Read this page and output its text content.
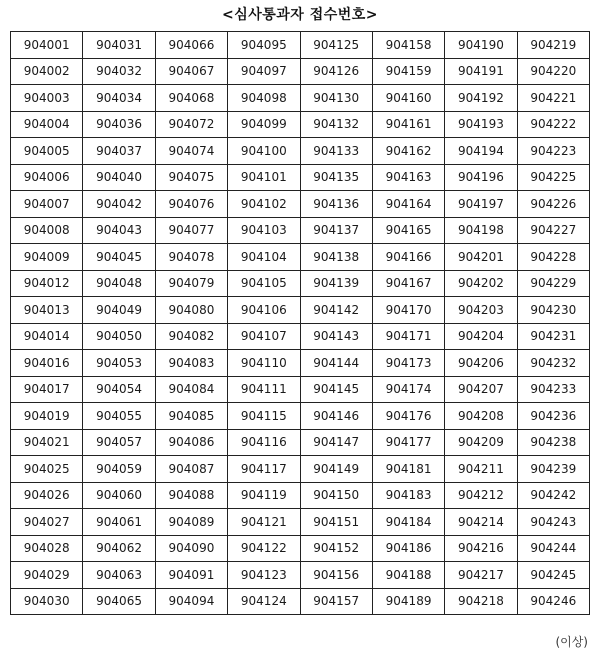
<심사통과자 접수번호>
904001	904031	904066	904095	904125	904158	904190	904219
904002	904032	904067	904097	904126	904159	904191	904220
904003	904034	904068	904098	904130	904160	904192	904221
904004	904036	904072	904099	904132	904161	904193	904222
904005	904037	904074	904100	904133	904162	904194	904223
904006	904040	904075	904101	904135	904163	904196	904225
904007	904042	904076	904102	904136	904164	904197	904226
904008	904043	904077	904103	904137	904165	904198	904227
904009	904045	904078	904104	904138	904166	904201	904228
904012	904048	904079	904105	904139	904167	904202	904229
904013	904049	904080	904106	904142	904170	904203	904230
904014	904050	904082	904107	904143	904171	904204	904231
904016	904053	904083	904110	904144	904173	904206	904232
904017	904054	904084	904111	904145	904174	904207	904233
904019	904055	904085	904115	904146	904176	904208	904236
904021	904057	904086	904116	904147	904177	904209	904238
904025	904059	904087	904117	904149	904181	904211	904239
904026	904060	904088	904119	904150	904183	904212	904242
904027	904061	904089	904121	904151	904184	904214	904243
904028	904062	904090	904122	904152	904186	904216	904244
904029	904063	904091	904123	904156	904188	904217	904245
904030	904065	904094	904124	904157	904189	904218	904246
(이상)
